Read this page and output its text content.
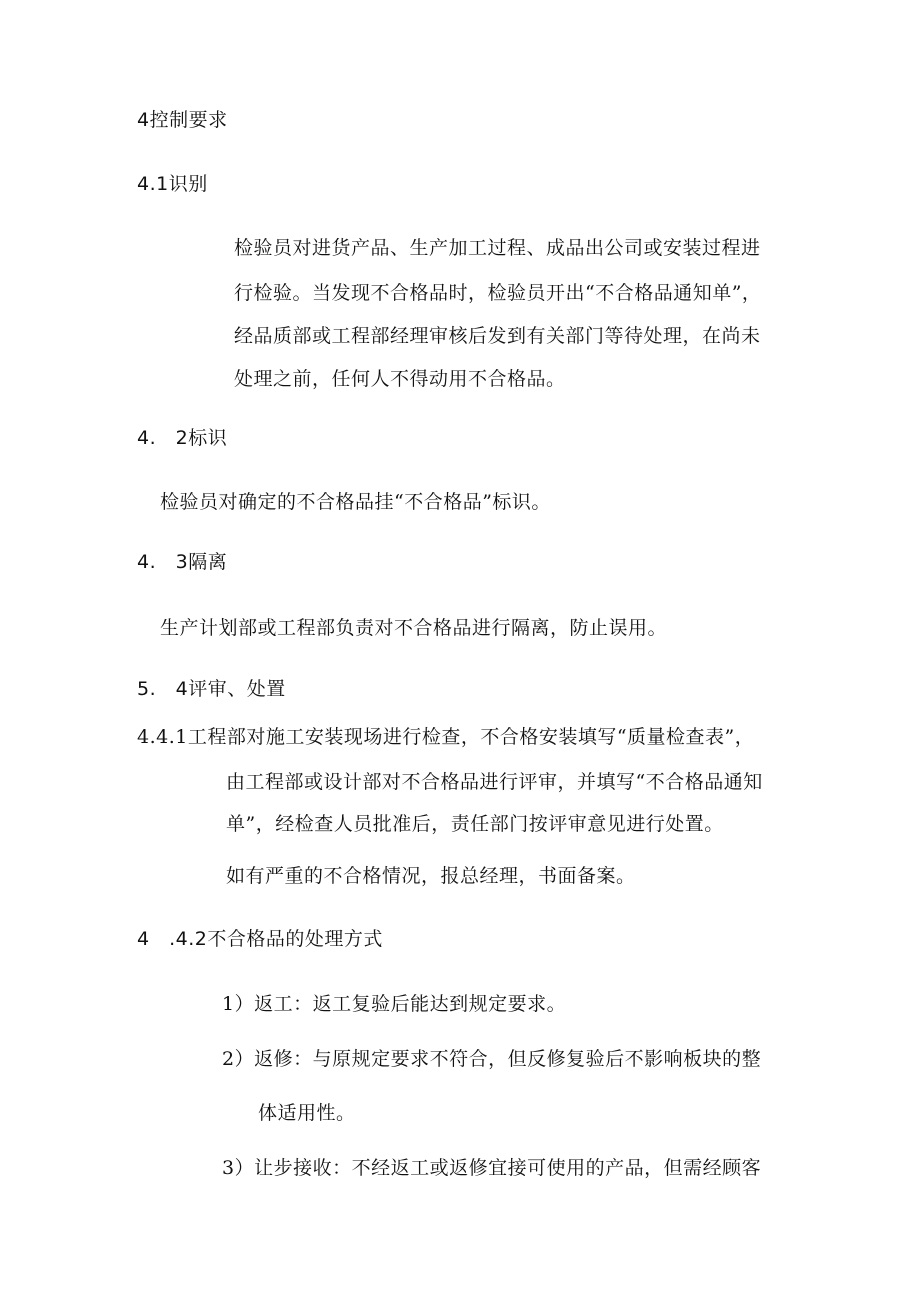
4控制要求
4.1识别
检验员对进货产品、生产加工过程、成品出公司或安装过程进
行检验。当发现不合格品时，检验员开出“不合格品通知单”，
经品质部或工程部经理审核后发到有关部门等待处理，在尚未
处理之前，任何人不得动用不合格品。
4.　2标识
检验员对确定的不合格品挂“不合格品”标识。
4.　3隔离
生产计划部或工程部负责对不合格品进行隔离，防止误用。
5.　4评审、处置
4.4.1工程部对施工安装现场进行检查，不合格安装填写“质量检查表”，
由工程部或设计部对不合格品进行评审，并填写“不合格品通知
单”，经检查人员批准后，责任部门按评审意见进行处置。
如有严重的不合格情况，报总经理，书面备案。
4　.4.2不合格品的处理方式
1）返工：返工复验后能达到规定要求。
2）返修：与原规定要求不符合，但反修复验后不影响板块的整
体适用性。
3）让步接收：不经返工或返修宜接可使用的产品，但需经顾客
